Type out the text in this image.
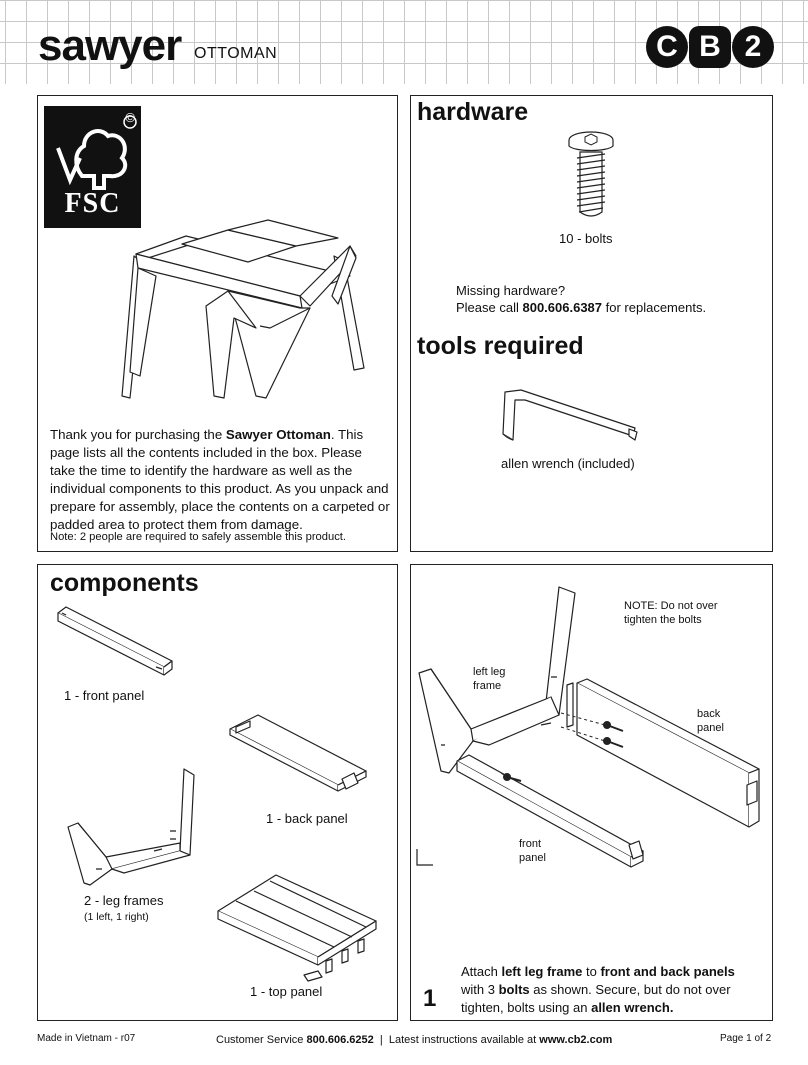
sawyer OTTOMAN	C B 2
FSC
©
Thank you for purchasing the Sawyer Ottoman. This page lists all the contents included in the box. Please take the time to identify the hardware as well as the individual components to this product. As you unpack and prepare for assembly, place the contents on a carpeted or padded area to protect them from damage.
Note: 2 people are required to safely assemble this product.
hardware
10 - bolts
Missing hardware?
Please call 800.606.6387 for replacements.
tools required
allen wrench (included)
components
1 - front panel
1 - back panel
2 - leg frames
(1 left, 1 right)
1 - top panel
NOTE: Do not over tighten the bolts
left leg frame
back panel
front panel
1
Attach left leg frame to front and back panels with 3 bolts as shown. Secure, but do not over tighten, bolts using an allen wrench.
Made in Vietnam - r07	Customer Service 800.606.6252  |  Latest instructions available at www.cb2.com	Page 1 of 2
